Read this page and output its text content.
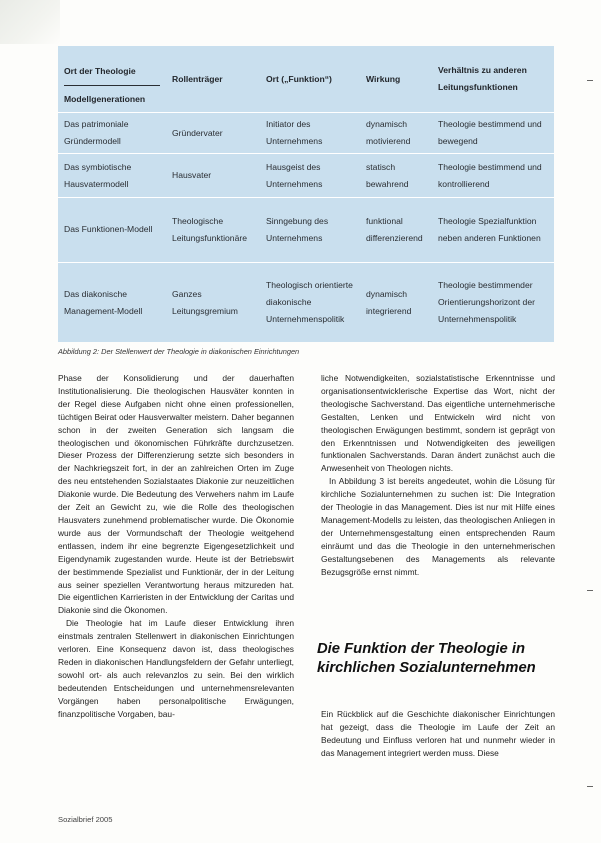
Ort der Theologie
Modellgenerationen	Rollenträger	Ort („Funktion“)	Wirkung	Verhältnis zu anderen Leitungsfunktionen
Das patrimoniale Gründermodell	Gründervater	Initiator des Unternehmens	dynamisch motivierend	Theologie bestimmend und bewegend
Das symbiotische Hausvatermodell	Hausvater	Hausgeist des Unternehmens	statisch bewahrend	Theologie bestimmend und kontrollierend
Das Funktionen-Modell	Theologische Leitungsfunktionäre	Sinngebung des Unternehmens	funktional differenzierend	Theologie Spezialfunktion neben anderen Funktionen
Das diakonische Management-Modell	Ganzes Leitungsgremium	Theologisch orientierte diakonische Unternehmenspolitik	dynamisch integrierend	Theologie bestimmender Orientierungshorizont der Unternehmenspolitik
Abbildung 2: Der Stellenwert der Theologie in diakonischen Einrichtungen

Phase der Konsolidierung und der dauerhaften Institutionalisierung. Die theologischen Hausväter konnten in der Regel diese Aufgaben nicht ohne einen professionellen, tüchtigen Beirat oder Hausverwalter meistern. Daher begannen schon in der zweiten Generation sich langsam die theologischen und ökonomischen Führkräfte durchzusetzen. Dieser Prozess der Differenzierung setzte sich besonders in der Nachkriegszeit fort, in der an zahlreichen Orten im Zuge des neu entstehenden Sozialstaates Diakonie zur neuzeitlichen Diakonie wurde. Die Bedeutung des Verwehers nahm im Laufe der Zeit an Gewicht zu, wie die Rolle des theologischen Hausvaters zunehmend problematischer wurde. Die Ökonomie wurde aus der Vormundschaft der Theologie weitgehend entlassen, indem ihr eine begrenzte Eigengesetzlichkeit und Eigendynamik zugestanden wurde. Heute ist der Betriebswirt der bestimmende Spezialist und Funktionär, der in der Leitung aus seiner speziellen Verantwortung heraus mitzureden hat. Die eigentlichen Karrieristen in der Entwicklung der Caritas und Diakonie sind die Ökonomen.

Die Theologie hat im Laufe dieser Entwicklung ihren einstmals zentralen Stellenwert in diakonischen Einrichtungen verloren. Eine Konsequenz davon ist, dass theologisches Reden in diakonischen Handlungsfeldern der Gefahr unterliegt, sowohl ort- als auch relevanzlos zu sein. Bei den wirklich bedeutenden Entscheidungen und unternehmensrelevanten Vorgängen haben personalpolitische Erwägungen, finanzpolitische Vorgaben, bau-

liche Notwendigkeiten, sozialstatistische Erkenntnisse und organisationsentwicklerische Expertise das Wort, nicht der theologische Sachverstand. Das eigentliche unternehmerische Gestalten, Lenken und Entwickeln wird nicht von theologischen Erwägungen bestimmt, sondern ist geprägt von den Erkenntnissen und Notwendigkeiten des jeweiligen funktionalen Sachverstands. Daran ändert zunächst auch die Anwesenheit von Theologen nichts.

In Abbildung 3 ist bereits angedeutet, wohin die Lösung für kirchliche Sozialunternehmen zu suchen ist: Die Integration der Theologie in das Management. Dies ist nur mit Hilfe eines Management-Modells zu leisten, das theologischen Anliegen in der Unternehmensgestaltung einen entsprechenden Raum einräumt und das die Theologie in den unternehmerischen Gestaltungsebenen des Managements als relevante Bezugsgröße ernst nimmt.

Die Funktion der Theologie in kirchlichen Sozialunternehmen

Ein Rückblick auf die Geschichte diakonischer Einrichtungen hat gezeigt, dass die Theologie im Laufe der Zeit an Bedeutung und Einfluss verloren hat und nunmehr wieder in das Management integriert werden muss. Diese

Sozialbrief 2005
